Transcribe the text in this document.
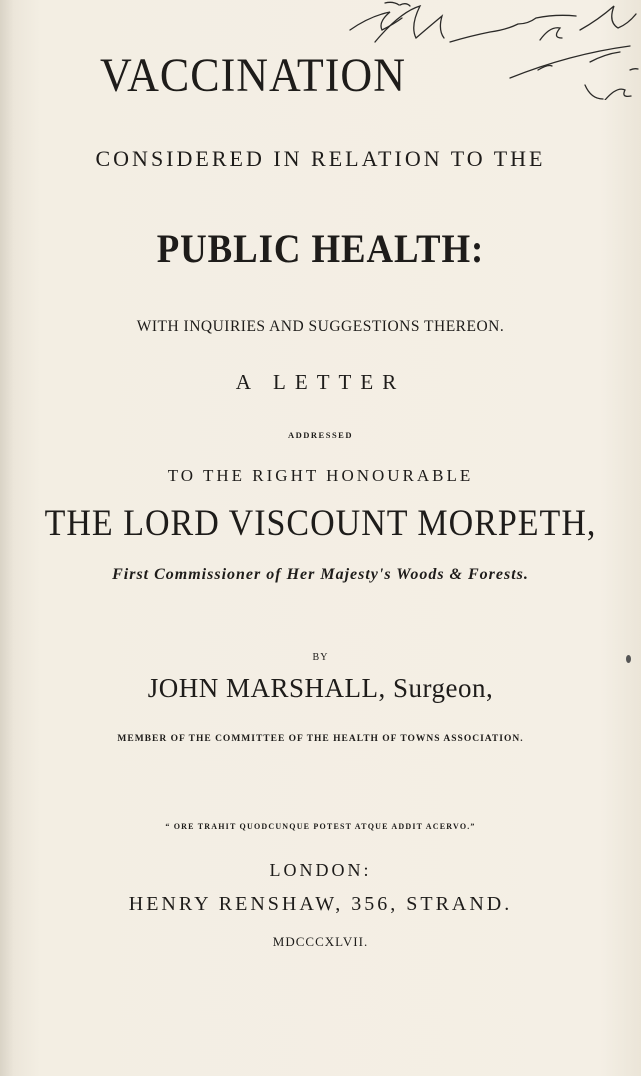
VACCINATION
CONSIDERED IN RELATION TO THE
PUBLIC HEALTH:
WITH INQUIRIES AND SUGGESTIONS THEREON.
A LETTER
ADDRESSED
TO THE RIGHT HONOURABLE
THE LORD VISCOUNT MORPETH,
First Commissioner of Her Majesty's Woods & Forests.
BY
JOHN MARSHALL, Surgeon,
MEMBER OF THE COMMITTEE OF THE HEALTH OF TOWNS ASSOCIATION.
“ ORE TRAHIT QUODCUNQUE POTEST ATQUE ADDIT ACERVO.”
LONDON:
HENRY RENSHAW, 356, STRAND.
MDCCCXLVII.
